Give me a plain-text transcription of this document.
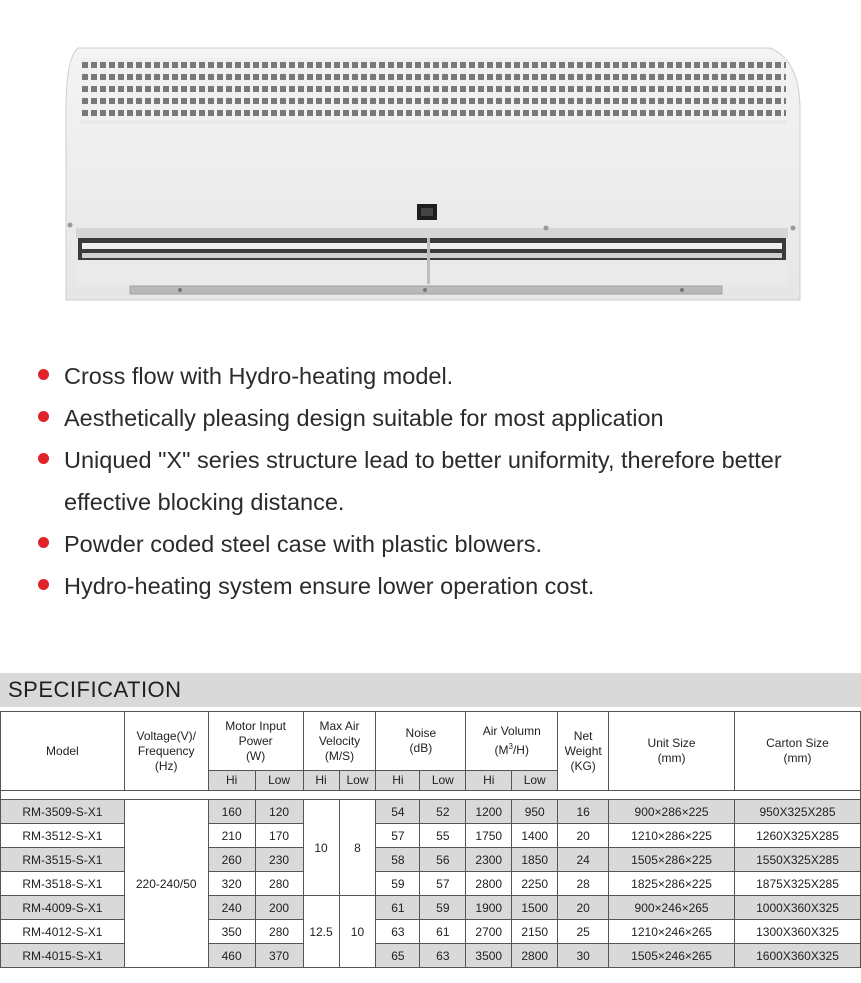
Cross flow with Hydro-heating model.
Aesthetically pleasing design suitable for most application
Uniqued "X" series structure lead to better uniformity, therefore better effective blocking distance.
Powder coded steel case with plastic blowers.
Hydro-heating system ensure lower operation cost.
SPECIFICATION
Model	Voltage(V)/
Frequency
(Hz)	Motor Input
Power
(W)		Max Air
Velocity
(M/S)		Noise
(dB)		Air Volumn
$(M^3/H)$		Net
Weight
(KG)	Unit Size
(mm)	Carton Size
(mm)
		Hi	Low	Hi	Low	Hi	Low	Hi	Low			

RM-3509-S-X1	220-240/50	160	120	10	8	54	52	1200	950	16	900×286×225	950X325X285
RM-3512-S-X1		210	170			57	55	1750	1400	20	1210×286×225	1260X325X285
RM-3515-S-X1		260	230			58	56	2300	1850	24	1505×286×225	1550X325X285
RM-3518-S-X1		320	280			59	57	2800	2250	28	1825×286×225	1875X325X285
RM-4009-S-X1		240	200	12.5	10	61	59	1900	1500	20	900×246×265	1000X360X325
RM-4012-S-X1		350	280			63	61	2700	2150	25	1210×246×265	1300X360X325
RM-4015-S-X1		460	370			65	63	3500	2800	30	1505×246×265	1600X360X325
